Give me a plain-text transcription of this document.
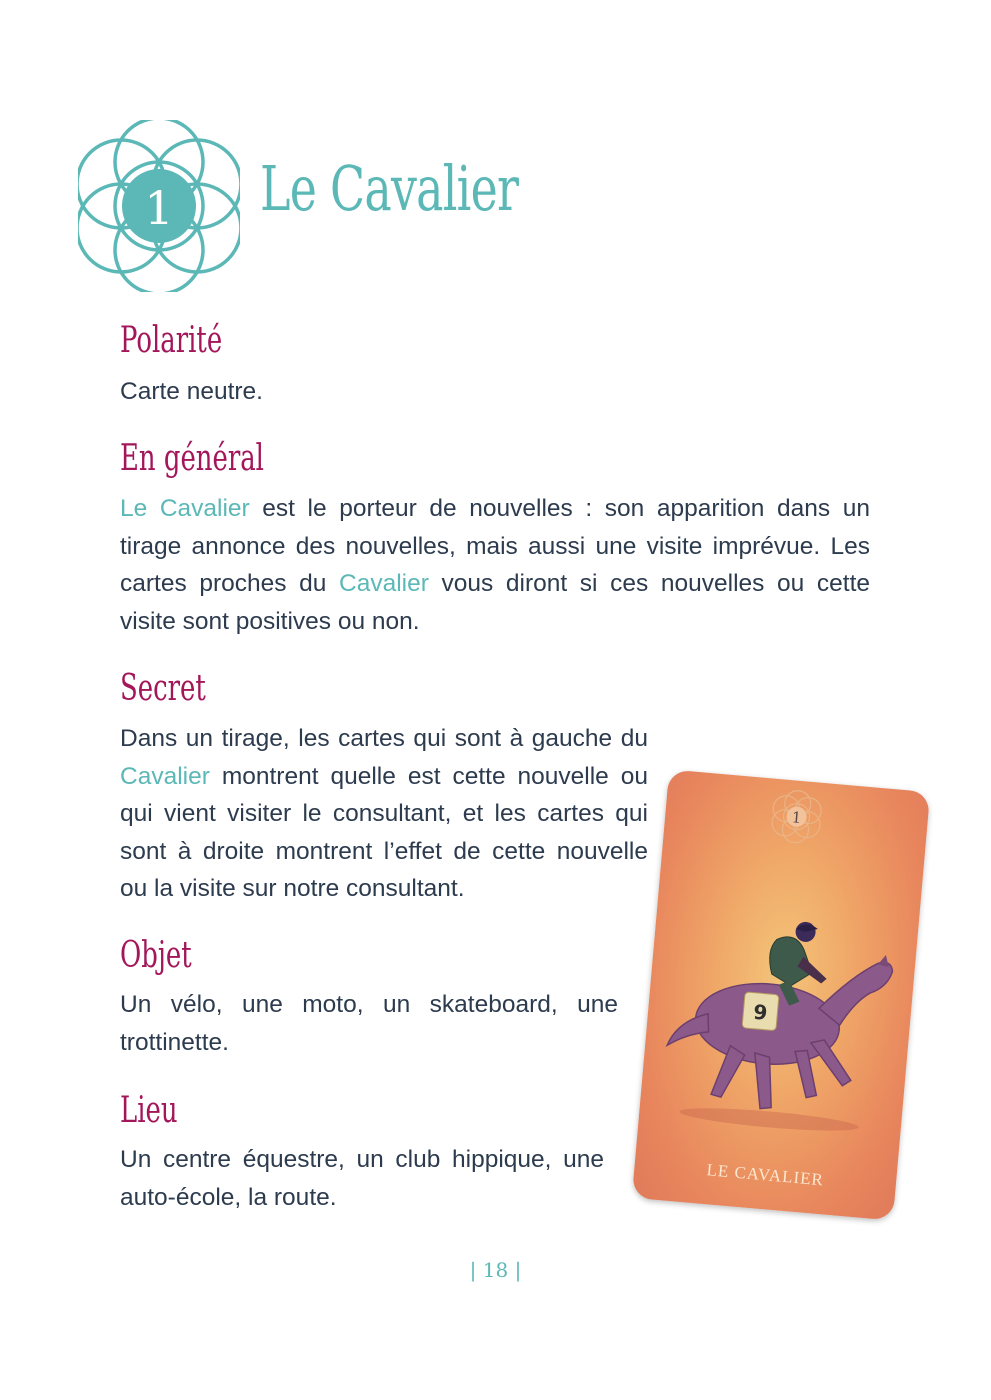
1	Le Cavalier
Polarité

Carte neutre.

En général

Le Cavalier est le porteur de nouvelles : son apparition dans un tirage annonce des nouvelles, mais aussi une visite imprévue. Les cartes proches du Cavalier vous diront si ces nouvelles ou cette visite sont positives ou non.

Secret

Dans un tirage, les cartes qui sont à gauche du Cavalier montrent quelle est cette nouvelle ou qui vient visiter le consultant, et les cartes qui sont à droite montrent l’effet de cette nouvelle ou la visite sur notre consultant.

Objet

Un vélo, une moto, un skateboard, une trottinette.

Lieu

Un centre équestre, un club hippique, une auto-école, la route.

9
1
LE CAVALIER
| 18 |
